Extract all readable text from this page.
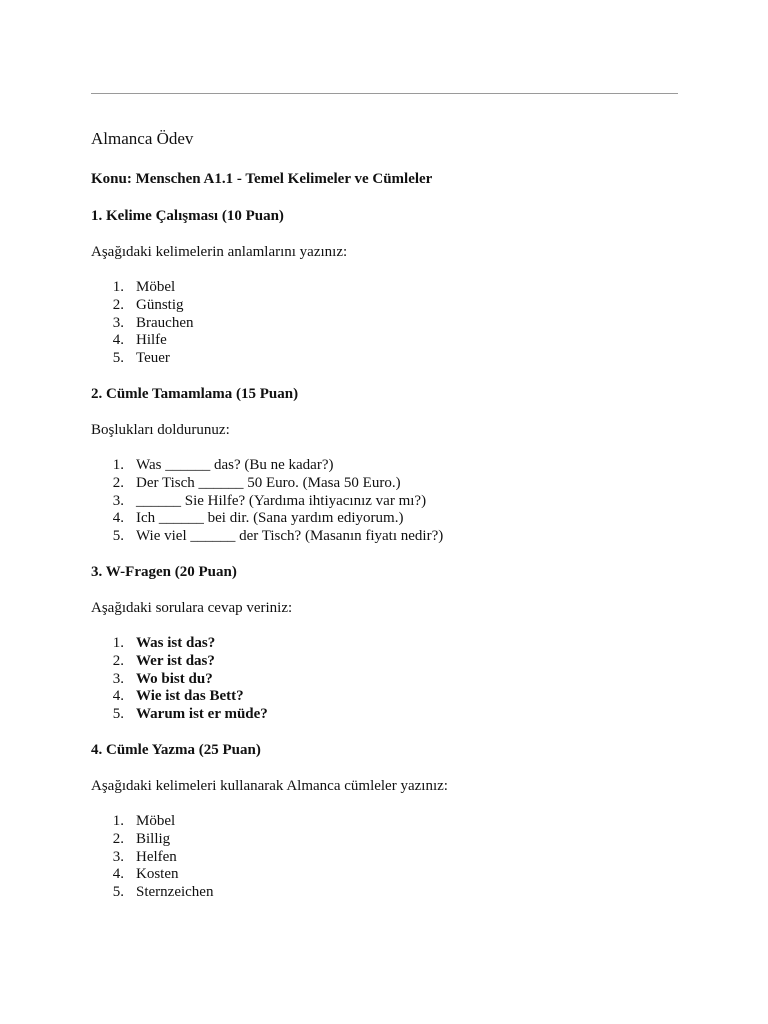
Almanca Ödev

Konu: Menschen A1.1 - Temel Kelimeler ve Cümleler

1. Kelime Çalışması (10 Puan)

Aşağıdaki kelimelerin anlamlarını yazınız:

1. Möbel
2. Günstig
3. Brauchen
4. Hilfe
5. Teuer

2. Cümle Tamamlama (15 Puan)

Boşlukları doldurunuz:

1. Was ______ das? (Bu ne kadar?)
2. Der Tisch ______ 50 Euro. (Masa 50 Euro.)
3. ______ Sie Hilfe? (Yardıma ihtiyacınız var mı?)
4. Ich ______ bei dir. (Sana yardım ediyorum.)
5. Wie viel ______ der Tisch? (Masanın fiyatı nedir?)

3. W-Fragen (20 Puan)

Aşağıdaki sorulara cevap veriniz:

1. Was ist das?
2. Wer ist das?
3. Wo bist du?
4. Wie ist das Bett?
5. Warum ist er müde?

4. Cümle Yazma (25 Puan)

Aşağıdaki kelimeleri kullanarak Almanca cümleler yazınız:

1. Möbel
2. Billig
3. Helfen
4. Kosten
5. Sternzeichen
